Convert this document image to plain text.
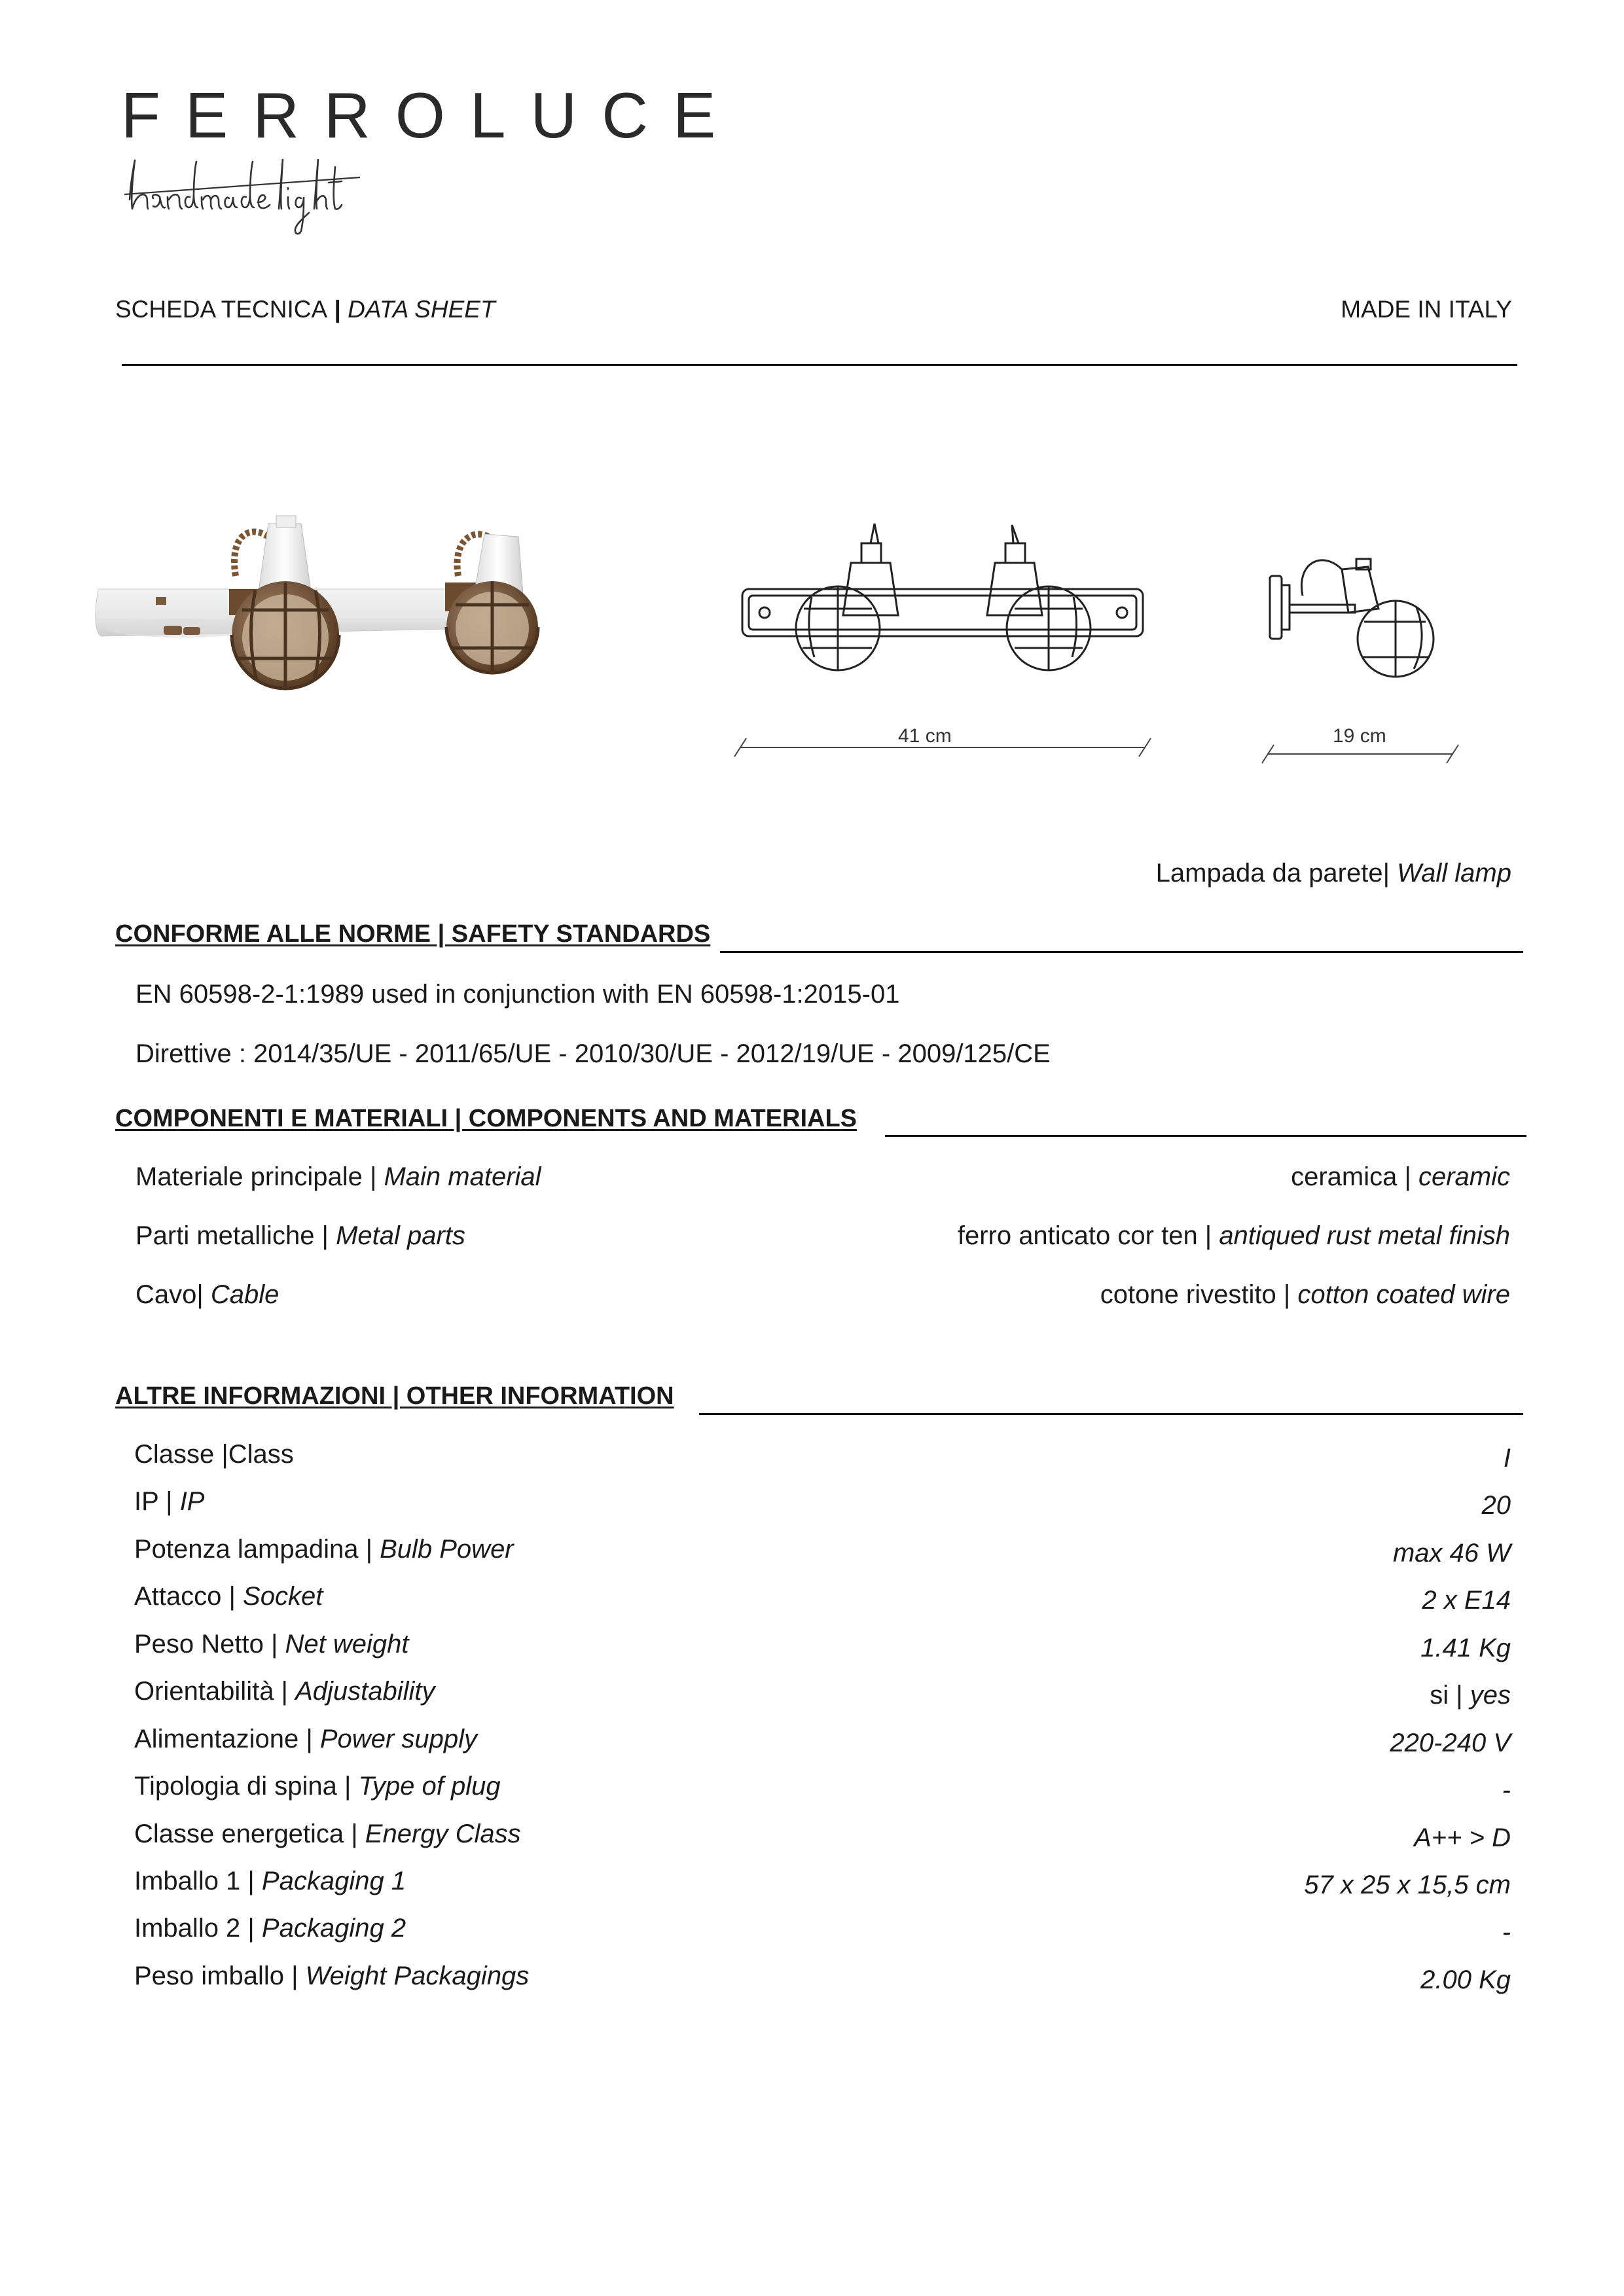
FERROLUCE
SCHEDA TECNICA | DATA SHEET	MADE IN ITALY
41 cm	19 cm
Lampada da parete| Wall lamp
CONFORME ALLE NORME | SAFETY STANDARDS
EN 60598-2-1:1989 used in conjunction with EN 60598-1:2015-01
Direttive : 2014/35/UE - 2011/65/UE - 2010/30/UE - 2012/19/UE - 2009/125/CE
COMPONENTI E MATERIALI | COMPONENTS AND MATERIALS
Materiale principale | Main material	ceramica | ceramic
Parti metalliche | Metal parts	ferro anticato cor ten | antiqued rust metal finish
Cavo| Cable	cotone rivestito | cotton coated wire
ALTRE INFORMAZIONI | OTHER INFORMATION
Classe |Class	I
IP | IP	20
Potenza lampadina | Bulb Power	max 46 W
Attacco | Socket	2 x E14
Peso Netto | Net weight	1.41 Kg
Orientabilità | Adjustability	si | yes
Alimentazione | Power supply	220-240 V
Tipologia di spina | Type of plug	-
Classe energetica | Energy Class	A++ > D
Imballo 1 | Packaging 1	57 x 25 x 15,5 cm
Imballo 2 | Packaging 2	-
Peso imballo | Weight Packagings	2.00 Kg
